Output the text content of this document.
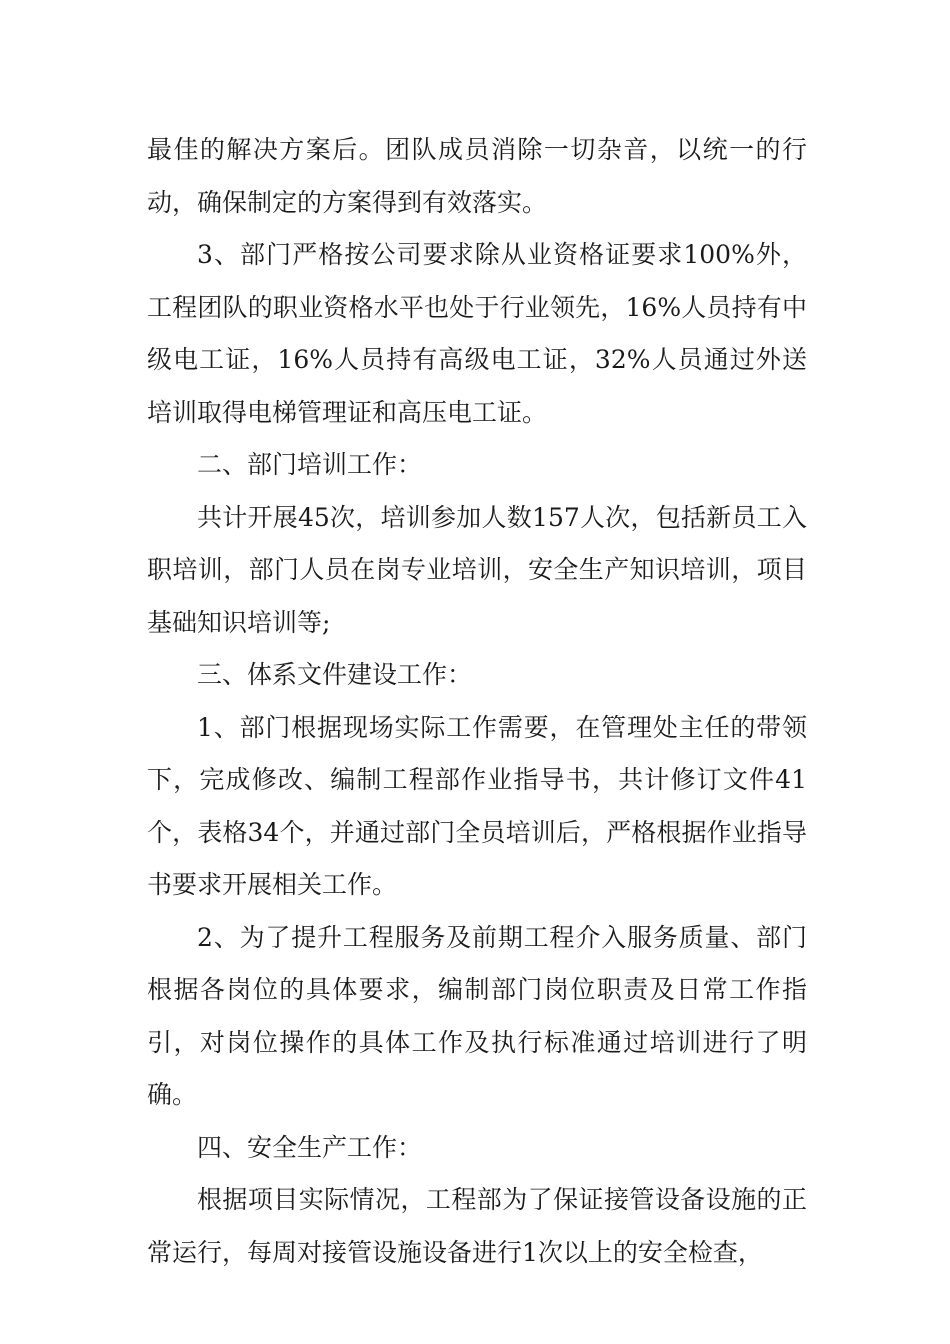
最佳的解决方案后。团队成员消除一切杂音，以统一的行动，确保制定的方案得到有效落实。

3、部门严格按公司要求除从业资格证要求100%外，工程团队的职业资格水平也处于行业领先，16%人员持有中级电工证，16%人员持有高级电工证，32%人员通过外送培训取得电梯管理证和高压电工证。

二、部门培训工作：

共计开展45次，培训参加人数157人次，包括新员工入职培训，部门人员在岗专业培训，安全生产知识培训，项目基础知识培训等;

三、体系文件建设工作：

1、部门根据现场实际工作需要，在管理处主任的带领下，完成修改、编制工程部作业指导书，共计修订文件41个，表格34个，并通过部门全员培训后，严格根据作业指导书要求开展相关工作。

2、为了提升工程服务及前期工程介入服务质量、部门根据各岗位的具体要求，编制部门岗位职责及日常工作指引，对岗位操作的具体工作及执行标准通过培训进行了明确。

四、安全生产工作：

根据项目实际情况，工程部为了保证接管设备设施的正常运行，每周对接管设施设备进行1次以上的安全检查，
